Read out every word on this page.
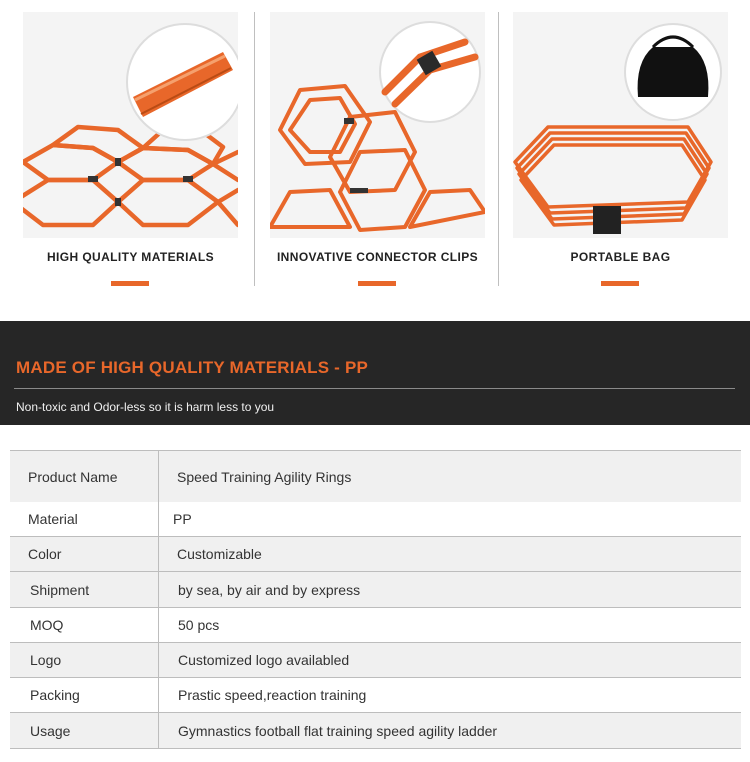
HIGH QUALITY MATERIALS	INNOVATIVE CONNECTOR CLIPS	PORTABLE BAG
MADE OF HIGH QUALITY MATERIALS - PP
Non-toxic and Odor-less so it is harm less to you
Product Name	Speed Training Agility Rings
Material	PP
Color	Customizable
Shipment	by sea, by air and by express
MOQ	50 pcs
Logo	Customized logo availabled
Packing	Prastic speed,reaction training
Usage	Gymnastics football flat training speed agility ladder
